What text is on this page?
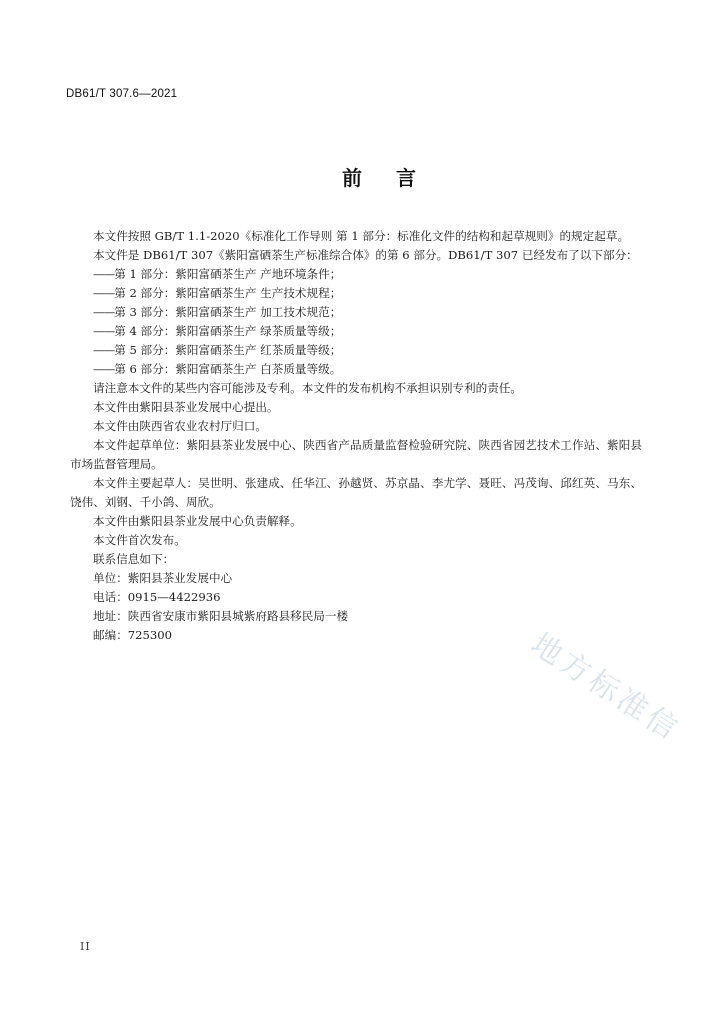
DB61/T 307.6—2021
前言

本文件按照 GB/T 1.1-2020《标准化工作导则 第 1 部分：标准化文件的结构和起草规则》的规定起草。

本文件是 DB61/T 307《紫阳富硒茶生产标准综合体》的第 6 部分。DB61/T 307 已经发布了以下部分：

——第 1 部分：紫阳富硒茶生产 产地环境条件；

——第 2 部分：紫阳富硒茶生产 生产技术规程；

——第 3 部分：紫阳富硒茶生产 加工技术规范；

——第 4 部分：紫阳富硒茶生产 绿茶质量等级；

——第 5 部分：紫阳富硒茶生产 红茶质量等级；

——第 6 部分：紫阳富硒茶生产 白茶质量等级。

请注意本文件的某些内容可能涉及专利。本文件的发布机构不承担识别专利的责任。

本文件由紫阳县茶业发展中心提出。

本文件由陕西省农业农村厅归口。

本文件起草单位：紫阳县茶业发展中心、陕西省产品质量监督检验研究院、陕西省园艺技术工作站、紫阳县市场监督管理局。

本文件主要起草人：吴世明、张建成、任华江、孙越贤、苏京晶、李尤学、聂旺、冯茂询、邱红英、马东、饶伟、刘钢、千小鸽、周欣。

本文件由紫阳县茶业发展中心负责解释。

本文件首次发布。

联系信息如下：

单位：紫阳县茶业发展中心

电话：0915—4422936

地址：陕西省安康市紫阳县城紫府路县移民局一楼

邮编：725300	地方标准信
II
